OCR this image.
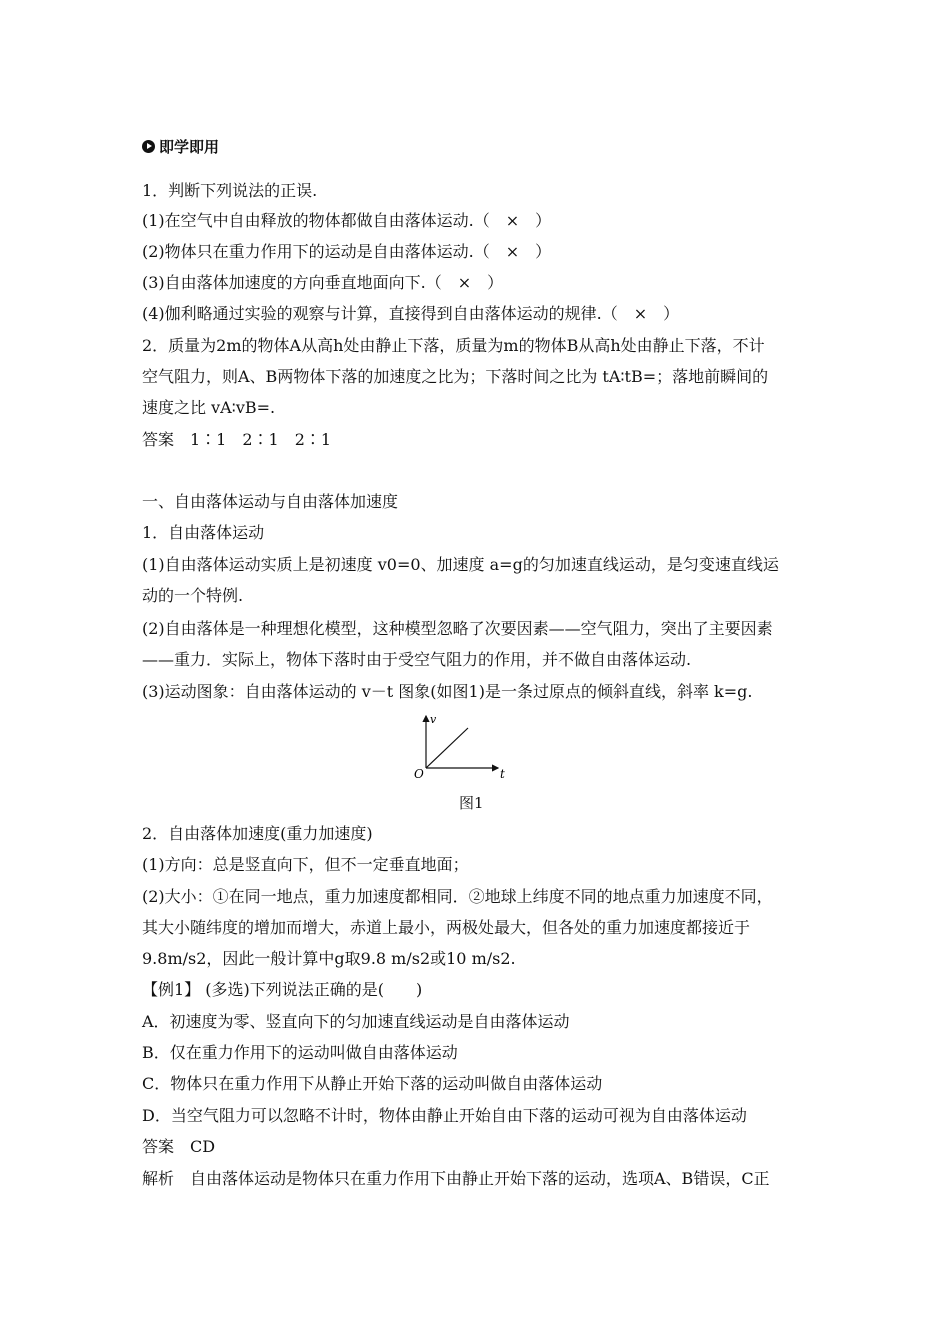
即学即用
1．判断下列说法的正误.
(1)在空气中自由释放的物体都做自由落体运动.（　×　）
(2)物体只在重力作用下的运动是自由落体运动.（　×　）
(3)自由落体加速度的方向垂直地面向下.（　×　）
(4)伽利略通过实验的观察与计算，直接得到自由落体运动的规律.（　×　）
2．质量为2m的物体A从高h处由静止下落，质量为m的物体B从高h处由静止下落，不计
空气阻力，则A、B两物体下落的加速度之比为；下落时间之比为 tA∶tB=；落地前瞬间的
速度之比 vA∶vB=.
答案　1∶1　2∶1　2∶1
一、自由落体运动与自由落体加速度
1．自由落体运动
(1)自由落体运动实质上是初速度 v0=0、加速度 a=g的匀加速直线运动，是匀变速直线运
动的一个特例.
(2)自由落体是一种理想化模型，这种模型忽略了次要因素——空气阻力，突出了主要因素
——重力．实际上，物体下落时由于受空气阻力的作用，并不做自由落体运动.
(3)运动图象：自由落体运动的 v－t 图象(如图1)是一条过原点的倾斜直线，斜率 k=g.
v
t
O
图1
2．自由落体加速度(重力加速度)
(1)方向：总是竖直向下，但不一定垂直地面；
(2)大小：①在同一地点，重力加速度都相同．②地球上纬度不同的地点重力加速度不同，
其大小随纬度的增加而增大，赤道上最小，两极处最大，但各处的重力加速度都接近于
9.8m/s2，因此一般计算中g取9.8 m/s2或10 m/s2.
【例1】 (多选)下列说法正确的是(　　)
A．初速度为零、竖直向下的匀加速直线运动是自由落体运动
B．仅在重力作用下的运动叫做自由落体运动
C．物体只在重力作用下从静止开始下落的运动叫做自由落体运动
D．当空气阻力可以忽略不计时，物体由静止开始自由下落的运动可视为自由落体运动
答案　CD
解析　自由落体运动是物体只在重力作用下由静止开始下落的运动，选项A、B错误，C正
